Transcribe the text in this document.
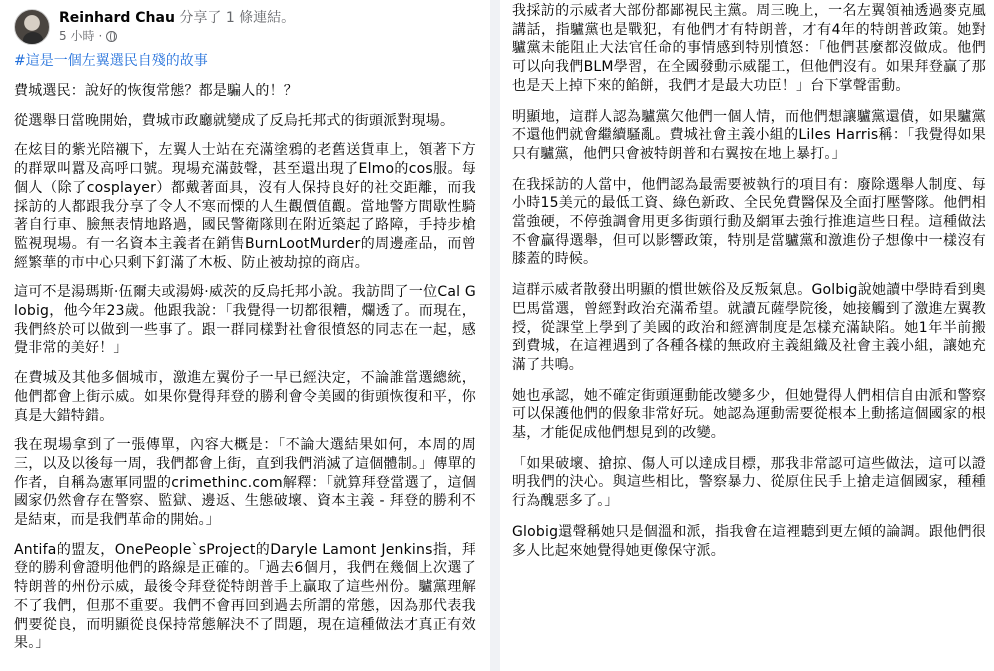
Reinhard Chau 分享了 1 條連結。
5 小時 ·
#這是一個左翼選民自殘的故事

費城選民：說好的恢復常態？都是騙人的！？

從選舉日當晚開始，費城市政廳就變成了反烏托邦式的街頭派對現場。

在炫目的紫光陪襯下，左翼人士站在充滿塗鴉的老舊送貨車上，領著下方的群眾叫囂及高呼口號。現場充滿鼓聲，甚至還出現了Elmo的cos服。每個人（除了cosplayer）都戴著面具，沒有人保持良好的社交距離，而我採訪的人都跟我分享了令人不寒而慄的人生觀價值觀。當地警方間歇性騎著自行車、臉無表情地路過，國民警衛隊則在附近築起了路障，手持步槍監視現場。有一名資本主義者在銷售BurnLootMurder的周邊產品，而曾經繁華的市中心只剩下釘滿了木板、防止被劫掠的商店。

這可不是湯瑪斯·伍爾夫或湯姆·威茨的反烏托邦小說。我訪問了一位Cal Globig，他今年23歲。他跟我說：「我覺得一切都很糟，爛透了。而現在，我們終於可以做到一些事了。跟一群同樣對社會很憤怒的同志在一起，感覺非常的美好！」

在費城及其他多個城市，激進左翼份子一早已經決定，不論誰當選總統，他們都會上街示威。如果你覺得拜登的勝利會令美國的街頭恢復和平，你真是大錯特錯。

我在現場拿到了一張傳單，內容大概是：「不論大選結果如何，本周的周三，以及以後每一周，我們都會上街，直到我們消滅了這個體制。」傳單的作者，自稱為憲軍同盟的crimethinc.com解釋：「就算拜登當選了，這個國家仍然會存在警察、監獄、邊返、生態破壞、資本主義 - 拜登的勝利不是結束，而是我們革命的開始。」

Antifa的盟友，OnePeople`sProject的Daryle Lamont Jenkins指，拜登的勝利會證明他們的路線是正確的。「過去6個月，我們在幾個上次選了特朗普的州份示威，最後令拜登從特朗普手上贏取了這些州份。驢黨理解不了我們，但那不重要。我們不會再回到過去所謂的常態，因為那代表我們要從良，而明顯從良保持常態解決不了問題，現在這種做法才真正有效果。」

我採訪的示威者大部份都鄙視民主黨。周三晚上，一名左翼領袖透過麥克風講話，指驢黨也是戰犯，有他們才有特朗普，才有4年的特朗普政策。她對驢黨未能阻止大法官任命的事情感到特別憤怒：「他們甚麼都沒做成。他們可以向我們BLM學習，在全國發動示威罷工，但他們沒有。如果拜登贏了那也是天上掉下來的餡餅，我們才是最大功臣！」台下掌聲雷動。

明顯地，這群人認為驢黨欠他們一個人情，而他們想讓驢黨還債，如果驢黨不還他們就會繼續騷亂。費城社會主義小組的Liles Harris稱：「我覺得如果只有驢黨，他們只會被特朗普和右翼按在地上暴打。」

在我採訪的人當中，他們認為最需要被執行的項目有：廢除選舉人制度、每小時15美元的最低工資、綠色新政、全民免費醫保及全面打壓警隊。他們相當強硬，不停強調會用更多街頭行動及網軍去強行推進這些日程。這種做法不會贏得選舉，但可以影響政策，特別是當驢黨和激進份子想像中一樣沒有膝蓋的時候。

這群示威者散發出明顯的慣世嫉俗及反叛氣息。Golbig說她讀中學時看到奧巴馬當選，曾經對政治充滿希望。就讀瓦薩學院後，她接觸到了激進左翼教授，從課堂上學到了美國的政治和經濟制度是怎樣充滿缺陷。她1年半前搬到費城，在這裡遇到了各種各樣的無政府主義組織及社會主義小組，讓她充滿了共鳴。

她也承認，她不確定街頭運動能改變多少，但她覺得人們相信自由派和警察可以保護他們的假象非常好玩。她認為運動需要從根本上動搖這個國家的根基，才能促成他們想見到的改變。

「如果破壞、搶掠、傷人可以達成目標，那我非常認可這些做法，這可以證明我們的決心。與這些相比，警察暴力、從原住民手上搶走這個國家，種種行為醜惡多了。」

Globig還聲稱她只是個溫和派，指我會在這裡聽到更左傾的論調。跟他們很多人比起來她覺得她更像保守派。
